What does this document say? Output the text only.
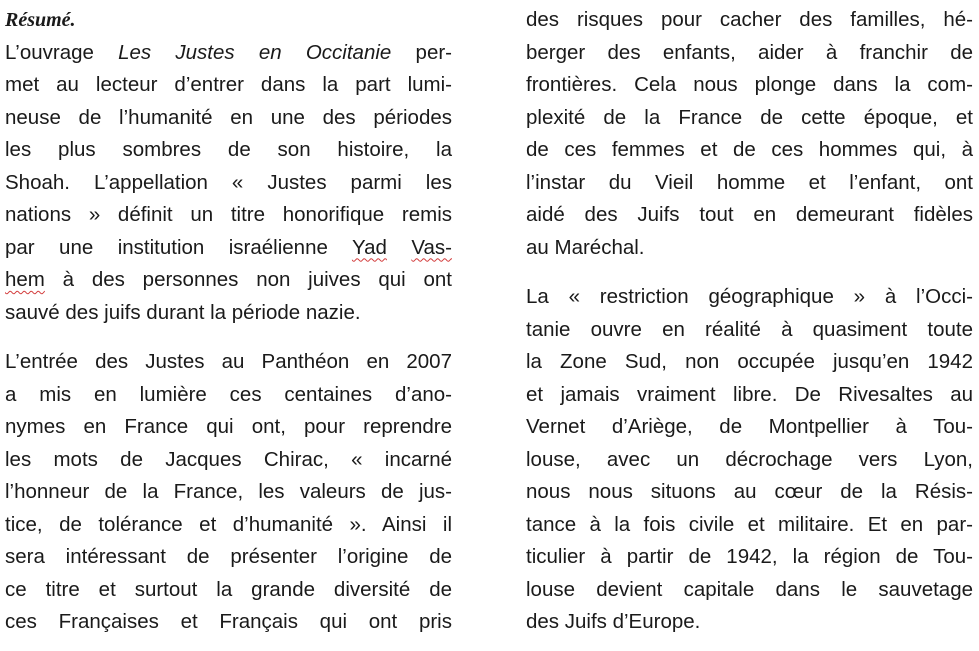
Résumé.
L’ouvrage Les Justes en Occitanie per-
met au lecteur d’entrer dans la part lumi-
neuse de l’humanité en une des périodes
les plus sombres de son histoire, la
Shoah. L’appellation « Justes parmi les
nations » définit un titre honorifique remis
par une institution israélienne Yad Vas-
hem à des personnes non juives qui ont
sauvé des juifs durant la période nazie.
L’entrée des Justes au Panthéon en 2007
a mis en lumière ces centaines d’ano-
nymes en France qui ont, pour reprendre
les mots de Jacques Chirac, « incarné
l’honneur de la France, les valeurs de jus-
tice, de tolérance et d’humanité ». Ainsi il
sera intéressant de présenter l’origine de
ce titre et surtout la grande diversité de
ces Françaises et Français qui ont pris
des risques pour cacher des familles, hé-
berger des enfants, aider à franchir de
frontières. Cela nous plonge dans la com-
plexité de la France de cette époque, et
de ces femmes et de ces hommes qui, à
l’instar du Vieil homme et l’enfant, ont
aidé des Juifs tout en demeurant fidèles
au Maréchal.
La « restriction géographique » à l’Occi-
tanie ouvre en réalité à quasiment toute
la Zone Sud, non occupée jusqu’en 1942
et jamais vraiment libre. De Rivesaltes au
Vernet d’Ariège, de Montpellier à Tou-
louse, avec un décrochage vers Lyon,
nous nous situons au cœur de la Résis-
tance à la fois civile et militaire. Et en par-
ticulier à partir de 1942, la région de Tou-
louse devient capitale dans le sauvetage
des Juifs d’Europe.
